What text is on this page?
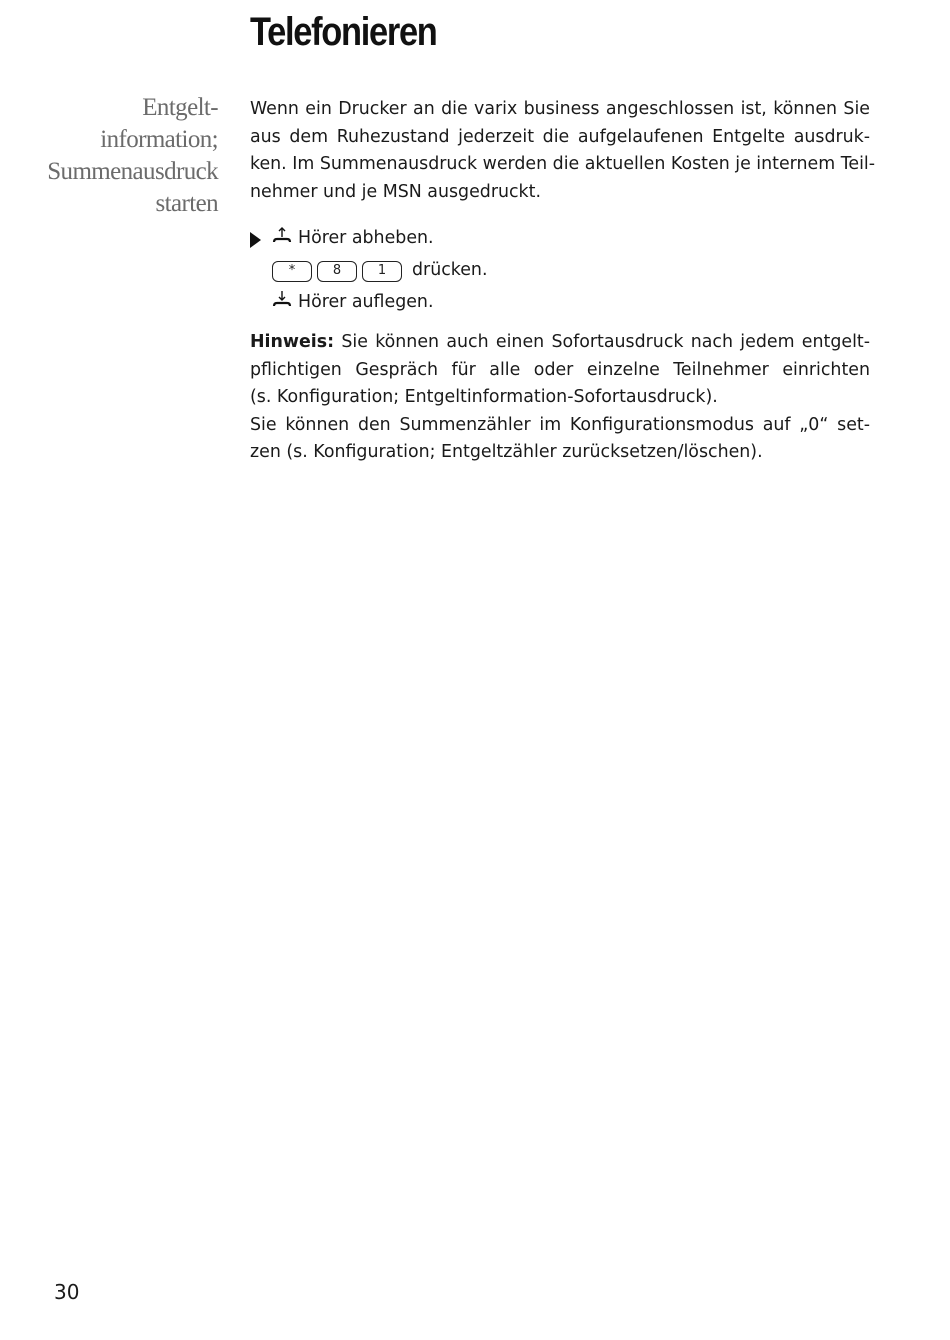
Telefonieren
Entgelt-
information;
Summenausdruck
starten

Wenn ein Drucker an die varix business angeschlossen ist, können Sie
aus dem Ruhezustand jederzeit die aufgelaufenen Entgelte ausdruk-
ken. Im Summenausdruck werden die aktuellen Kosten je internem Teil-
nehmer und je MSN ausgedruckt.

Hörer abheben.
*	8	1 drücken.
Hörer auflegen.
Hinweis: Sie können auch einen Sofortausdruck nach jedem entgelt-
pflichtigen Gespräch für alle oder einzelne Teilnehmer einrichten
(s. Konfiguration; Entgeltinformation-Sofortausdruck).
Sie können den Summenzähler im Konfigurationsmodus auf „0“ set-
zen (s. Konfiguration; Entgeltzähler zurücksetzen/löschen).
30
